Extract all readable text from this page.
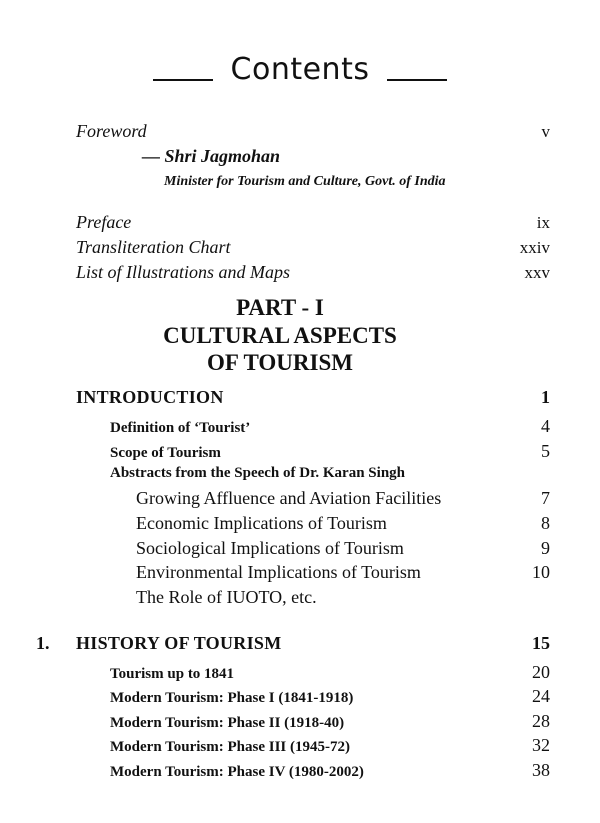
Contents
Foreword	v
— Shri Jagmohan
Minister for Tourism and Culture, Govt. of India
Preface	ix
Transliteration Chart	xxiv
List of Illustrations and Maps	xxv
PART - I
CULTURAL ASPECTS
OF TOURISM
INTRODUCTION	1
Definition of ‘Tourist’	4
Scope of Tourism	5
Abstracts from the Speech of Dr. Karan Singh
Growing Affluence and Aviation Facilities	7
Economic Implications of Tourism	8
Sociological Implications of Tourism	9
Environmental Implications of Tourism	10
The Role of IUOTO, etc.
1. HISTORY OF TOURISM	15
Tourism up to 1841	20
Modern Tourism: Phase I (1841-1918)	24
Modern Tourism: Phase II (1918-40)	28
Modern Tourism: Phase III (1945-72)	32
Modern Tourism: Phase IV (1980-2002)	38
